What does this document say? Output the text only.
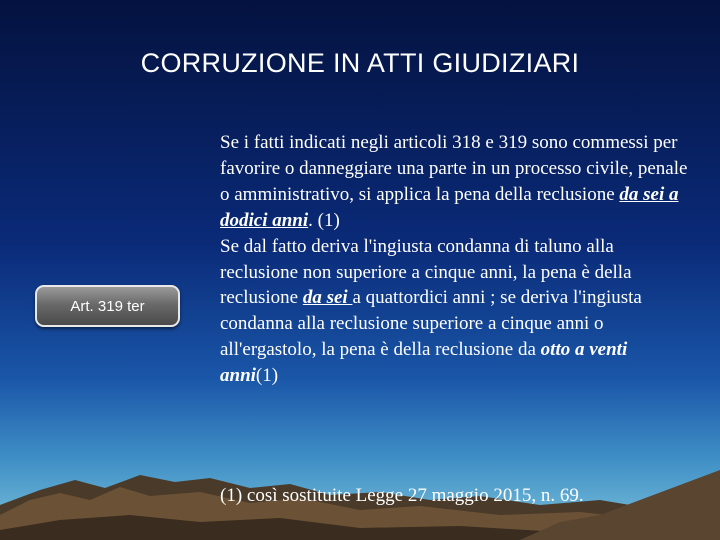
CORRUZIONE IN ATTI GIUDIZIARI
Art. 319 ter

Se i fatti indicati negli articoli 318 e 319 sono commessi per favorire o danneggiare una parte in un processo civile, penale o amministrativo, si applica la pena della reclusione da sei a dodici anni. (1)

Se dal fatto deriva l'ingiusta condanna di taluno alla reclusione non superiore a cinque anni, la pena è della reclusione da sei a quattordici anni ; se deriva l'ingiusta condanna alla reclusione superiore a cinque anni o all'ergastolo, la pena è della reclusione da otto a venti anni(1)

(1) così sostituite Legge 27 maggio 2015, n. 69.
